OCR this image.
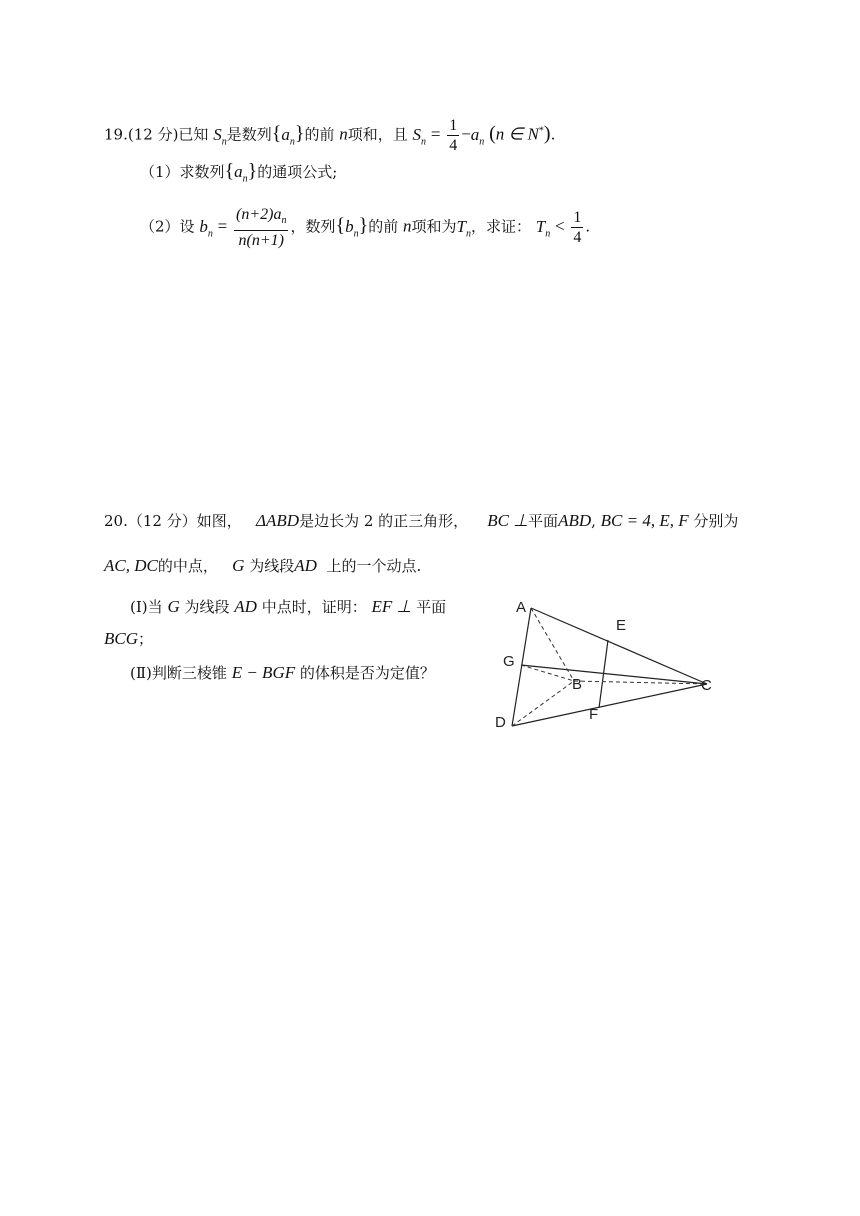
19.(12 分)已知 $S_n$是数列$\{a_n\}$的前 n项和，且 $S_n = \frac{1}{4} -a_n$ (n ∈ N*).
（1）求数列$\{a_n\}$的通项公式;
（2）设 $b_n = \frac{(n+2)a_n}{n(n+1)}$ ，数列$\{b_n\}$的前 n项和为$T_n$，求证： $T_n < \frac{1}{4}$ .
20.（12 分）如图， ΔABD是边长为 2 的正三角形， BC ⊥平面ABD, BC = 4, E, F 分别为
AC, DC的中点， G 为线段AD 上的一个动点.
(Ⅰ)当 G 为线段 AD 中点时，证明： EF ⊥ 平面
BCG；
(Ⅱ)判断三棱锥 E − BGF 的体积是否为定值？
A
E
G
B	C
D	F
